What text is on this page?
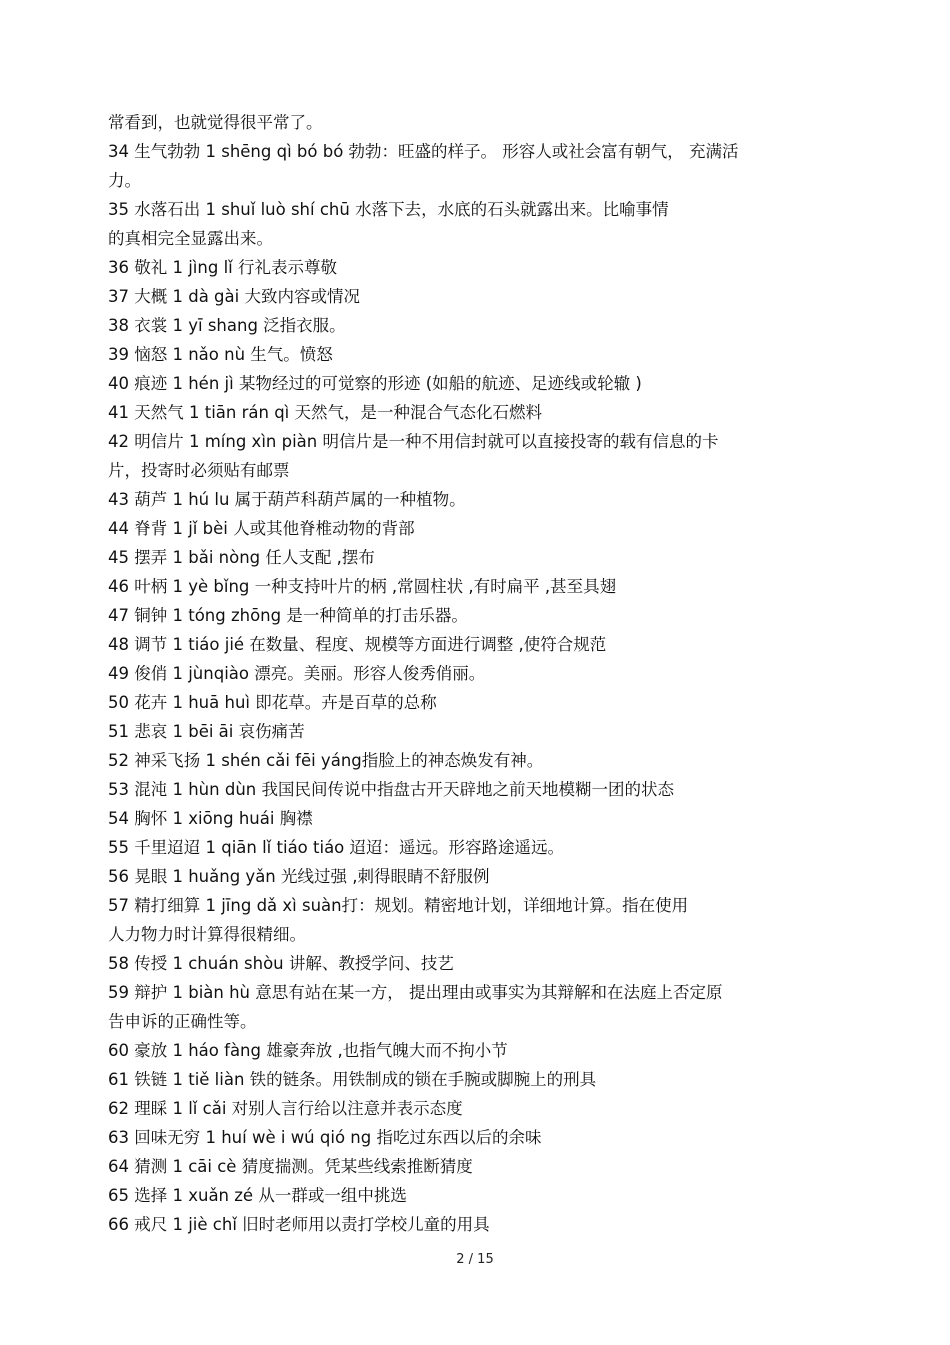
常看到，也就觉得很平常了。
34 生气勃勃 1 shēng qì bó bó 勃勃：旺盛的样子。 形容人或社会富有朝气， 充满活
力。
35 水落石出 1 shuǐ luò shí chū 水落下去，水底的石头就露出来。比喻事情
的真相完全显露出来。
36 敬礼 1 jìng lǐ 行礼表示尊敬
37 大概 1 dà gài 大致内容或情况
38 衣裳 1 yī shang 泛指衣服。
39 恼怒 1 nǎo nù 生气。愤怒
40 痕迹 1 hén jì 某物经过的可觉察的形迹 (如船的航迹、足迹线或轮辙 )
41 天然气 1 tiān rán qì 天然气，是一种混合气态化石燃料
42 明信片 1 míng xìn piàn 明信片是一种不用信封就可以直接投寄的载有信息的卡
片，投寄时必须贴有邮票
43 葫芦 1 hú lu 属于葫芦科葫芦属的一种植物。
44 脊背 1 jǐ bèi 人或其他脊椎动物的背部
45 摆弄 1 bǎi nòng 任人支配 ,摆布
46 叶柄 1 yè bǐng 一种支持叶片的柄 ,常圆柱状 ,有时扁平 ,甚至具翅
47 铜钟 1 tóng zhōng 是一种简单的打击乐器。
48 调节 1 tiáo jié 在数量、程度、规模等方面进行调整 ,使符合规范
49 俊俏 1 jùnqiào 漂亮。美丽。形容人俊秀俏丽。
50 花卉 1 huā huì 即花草。卉是百草的总称
51 悲哀 1 bēi āi 哀伤痛苦
52 神采飞扬 1 shén cǎi fēi yáng指脸上的神态焕发有神。
53 混沌 1 hùn dùn 我国民间传说中指盘古开天辟地之前天地模糊一团的状态
54 胸怀 1 xiōng huái 胸襟
55 千里迢迢 1 qiān lǐ tiáo tiáo 迢迢：遥远。形容路途遥远。
56 晃眼 1 huǎng yǎn 光线过强 ,刺得眼睛不舒服例
57 精打细算 1 jīng dǎ xì suàn打：规划。精密地计划，详细地计算。指在使用
人力物力时计算得很精细。
58 传授 1 chuán shòu 讲解、教授学问、技艺
59 辩护 1 biàn hù 意思有站在某一方， 提出理由或事实为其辩解和在法庭上否定原
告申诉的正确性等。
60 豪放 1 háo fàng 雄豪奔放 ,也指气魄大而不拘小节
61 铁链 1 tiě liàn 铁的链条。用铁制成的锁在手腕或脚腕上的刑具
62 理睬 1 lǐ cǎi 对别人言行给以注意并表示态度
63 回味无穷 1 huí wè i wú qió ng 指吃过东西以后的余味
64 猜测 1 cāi cè 猜度揣测。凭某些线索推断猜度
65 选择 1 xuǎn zé 从一群或一组中挑选
66 戒尺 1 jiè chǐ 旧时老师用以责打学校儿童的用具
2 / 15
